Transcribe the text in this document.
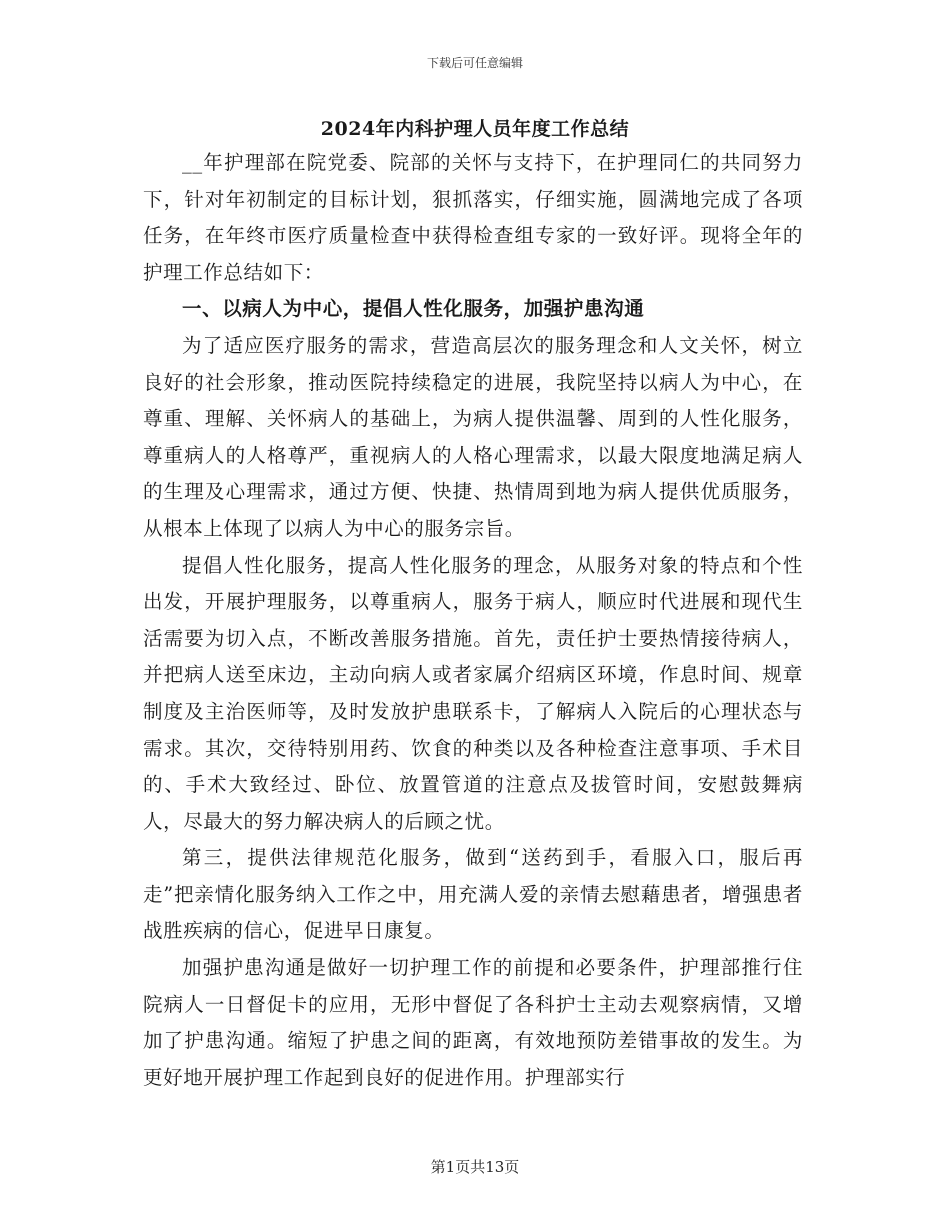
下载后可任意编辑
2024年内科护理人员年度工作总结

__年护理部在院党委、院部的关怀与支持下，在护理同仁的共同努力下，针对年初制定的目标计划，狠抓落实，仔细实施，圆满地完成了各项任务，在年终市医疗质量检查中获得检查组专家的一致好评。现将全年的护理工作总结如下：

一、以病人为中心，提倡人性化服务，加强护患沟通

为了适应医疗服务的需求，营造高层次的服务理念和人文关怀，树立良好的社会形象，推动医院持续稳定的进展，我院坚持以病人为中心，在尊重、理解、关怀病人的基础上，为病人提供温馨、周到的人性化服务，尊重病人的人格尊严，重视病人的人格心理需求，以最大限度地满足病人的生理及心理需求，通过方便、快捷、热情周到地为病人提供优质服务，从根本上体现了以病人为中心的服务宗旨。

提倡人性化服务，提高人性化服务的理念，从服务对象的特点和个性出发，开展护理服务，以尊重病人，服务于病人，顺应时代进展和现代生活需要为切入点，不断改善服务措施。首先，责任护士要热情接待病人，并把病人送至床边，主动向病人或者家属介绍病区环境，作息时间、规章制度及主治医师等，及时发放护患联系卡，了解病人入院后的心理状态与需求。其次，交待特别用药、饮食的种类以及各种检查注意事项、手术目的、手术大致经过、卧位、放置管道的注意点及拔管时间，安慰鼓舞病人，尽最大的努力解决病人的后顾之忧。

第三，提供法律规范化服务，做到“送药到手，看服入口，服后再走”把亲情化服务纳入工作之中，用充满人爱的亲情去慰藉患者，增强患者战胜疾病的信心，促进早日康复。

加强护患沟通是做好一切护理工作的前提和必要条件，护理部推行住院病人一日督促卡的应用，无形中督促了各科护士主动去观察病情，又增加了护患沟通。缩短了护患之间的距离，有效地预防差错事故的发生。为更好地开展护理工作起到良好的促进作用。护理部实行

第1页共13页
